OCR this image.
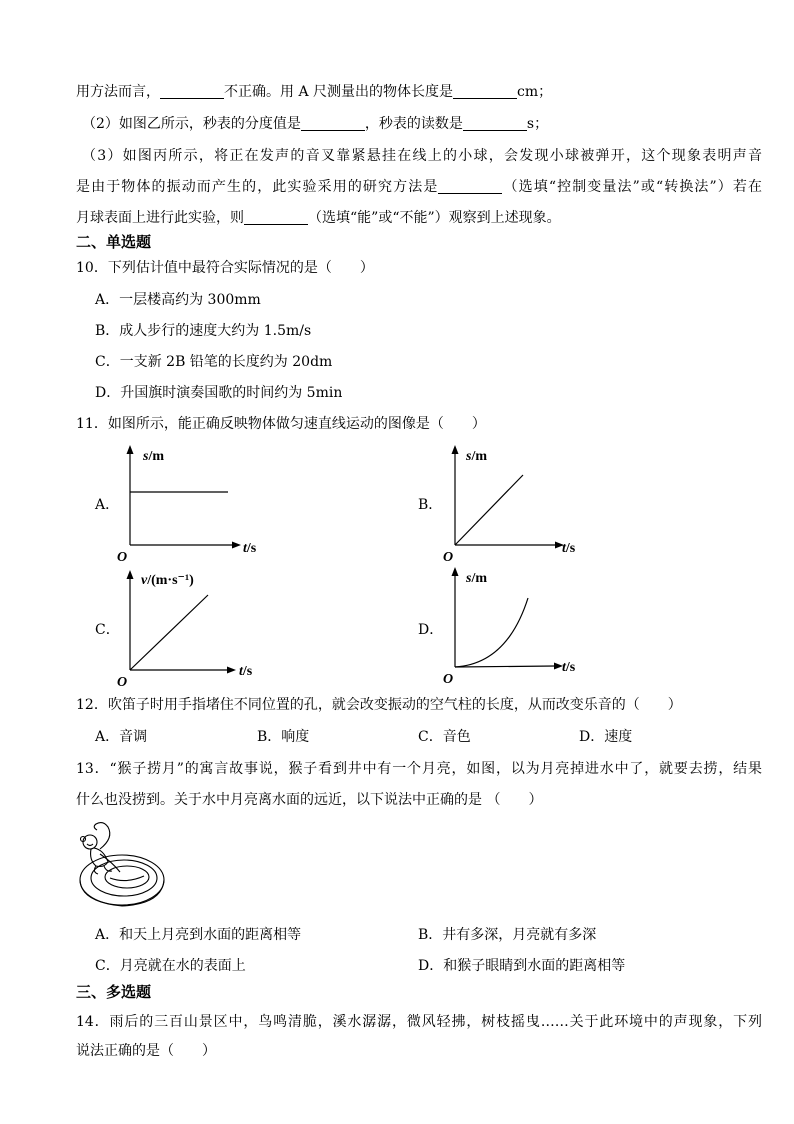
用方法而言，	不正确。用 A 尺测量出的物体长度是	cm；
（2）如图乙所示，秒表的分度值是	，秒表的读数是	s；
（3）如图丙所示，将正在发声的音叉靠紧悬挂在线上的小球，会发现小球被弹开，这个现象表明声音
是由于物体的振动而产生的，此实验采用的研究方法是	（选填“控制变量法”或“转换法”）若在
月球表面上进行此实验，则	（选填“能”或“不能”）观察到上述现象。
二、单选题
10．下列估计值中最符合实际情况的是（　　）
A．一层楼高约为 300mm
B．成人步行的速度大约为 1.5m/s
C．一支新 2B 铅笔的长度约为 20dm
D．升国旗时演奏国歌的时间约为 5min
11．如图所示，能正确反映物体做匀速直线运动的图像是（　　）
A．
s/m
t/s
O
B．
s/m
t/s
O
C．
v/(m·s⁻¹)
t/s
O
D．
s/m
t/s
O
12．吹笛子时用手指堵住不同位置的孔，就会改变振动的空气柱的长度，从而改变乐音的（　　）
A．音调	B．响度	C．音色	D．速度
13．“猴子捞月”的寓言故事说，猴子看到井中有一个月亮，如图，以为月亮掉进水中了，就要去捞，结果
什么也没捞到。关于水中月亮离水面的远近，以下说法中正确的是 （　　）
A．和天上月亮到水面的距离相等	B．井有多深，月亮就有多深
C．月亮就在水的表面上	D．和猴子眼睛到水面的距离相等
三、多选题
14．雨后的三百山景区中，鸟鸣清脆，溪水潺潺，微风轻拂，树枝摇曳……关于此环境中的声现象，下列
说法正确的是（　　）
